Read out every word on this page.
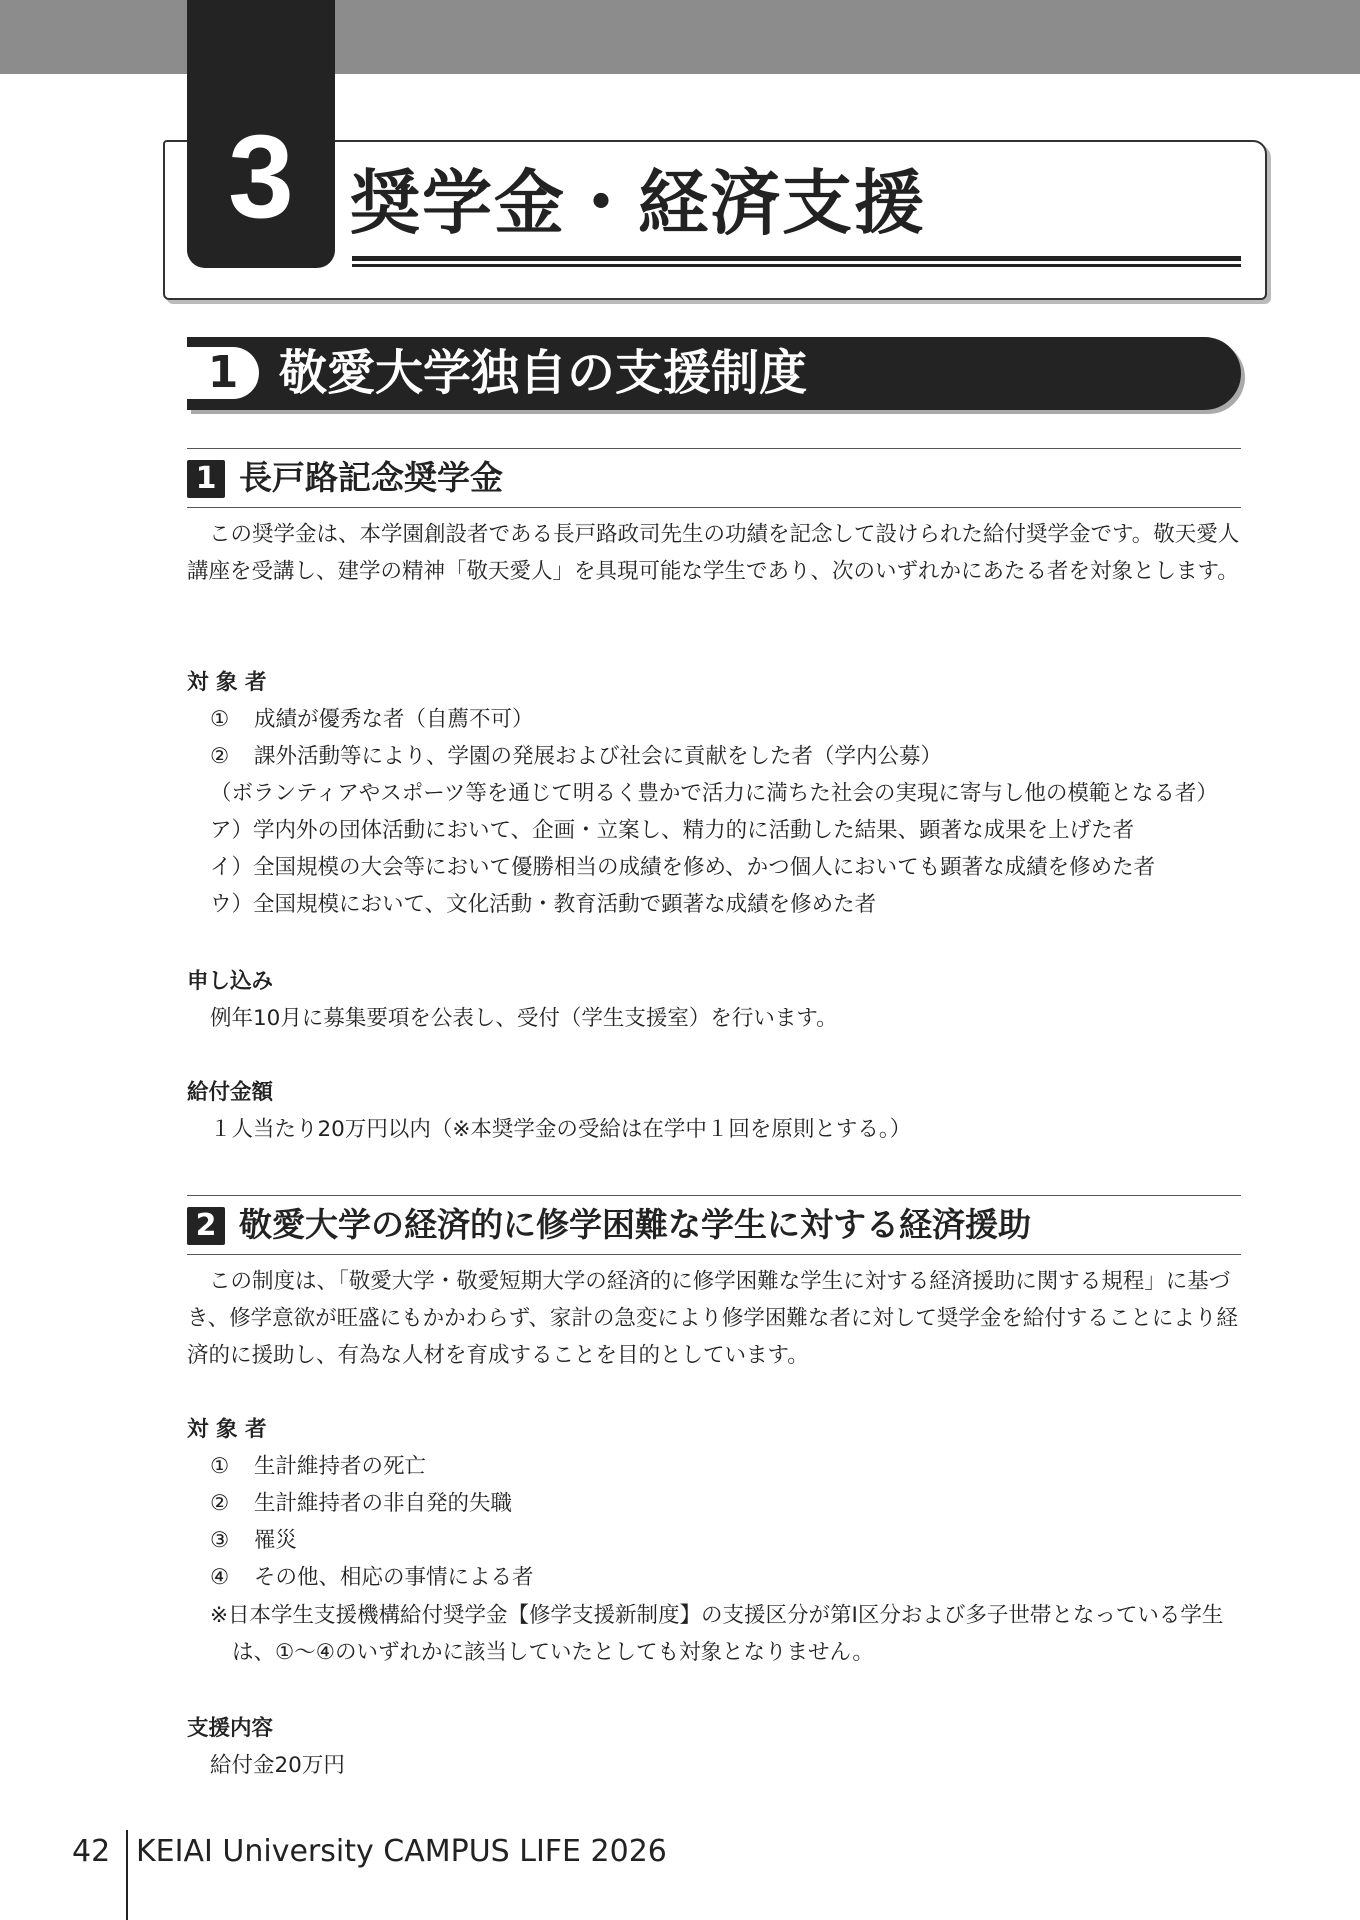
3 奨学金・経済支援
1 敬愛大学独自の支援制度
1 長戸路記念奨学金
この奨学金は、本学園創設者である長戸路政司先生の功績を記念して設けられた給付奨学金です。敬天愛人講座を受講し、建学の精神「敬天愛人」を具現可能な学生であり、次のいずれかにあたる者を対象とします。
対 象 者
① 成績が優秀な者（自薦不可）
② 課外活動等により、学園の発展および社会に貢献をした者（学内公募）
（ボランティアやスポーツ等を通じて明るく豊かで活力に満ちた社会の実現に寄与し他の模範となる者）
ア）学内外の団体活動において、企画・立案し、精力的に活動した結果、顕著な成果を上げた者
イ）全国規模の大会等において優勝相当の成績を修め、かつ個人においても顕著な成績を修めた者
ウ）全国規模において、文化活動・教育活動で顕著な成績を修めた者
申し込み
例年10月に募集要項を公表し、受付（学生支援室）を行います。
給付金額
１人当たり20万円以内（※本奨学金の受給は在学中１回を原則とする。）
2 敬愛大学の経済的に修学困難な学生に対する経済援助
この制度は、「敬愛大学・敬愛短期大学の経済的に修学困難な学生に対する経済援助に関する規程」に基づき、修学意欲が旺盛にもかかわらず、家計の急変により修学困難な者に対して奨学金を給付することにより経済的に援助し、有為な人材を育成することを目的としています。
対 象 者
① 生計維持者の死亡
② 生計維持者の非自発的失職
③ 罹災
④ その他、相応の事情による者
※日本学生支援機構給付奨学金【修学支援新制度】の支援区分が第Ⅰ区分および多子世帯となっている学生は、①〜④のいずれかに該当していたとしても対象となりません。
支援内容
給付金20万円
42 KEIAI University CAMPUS LIFE 2026
